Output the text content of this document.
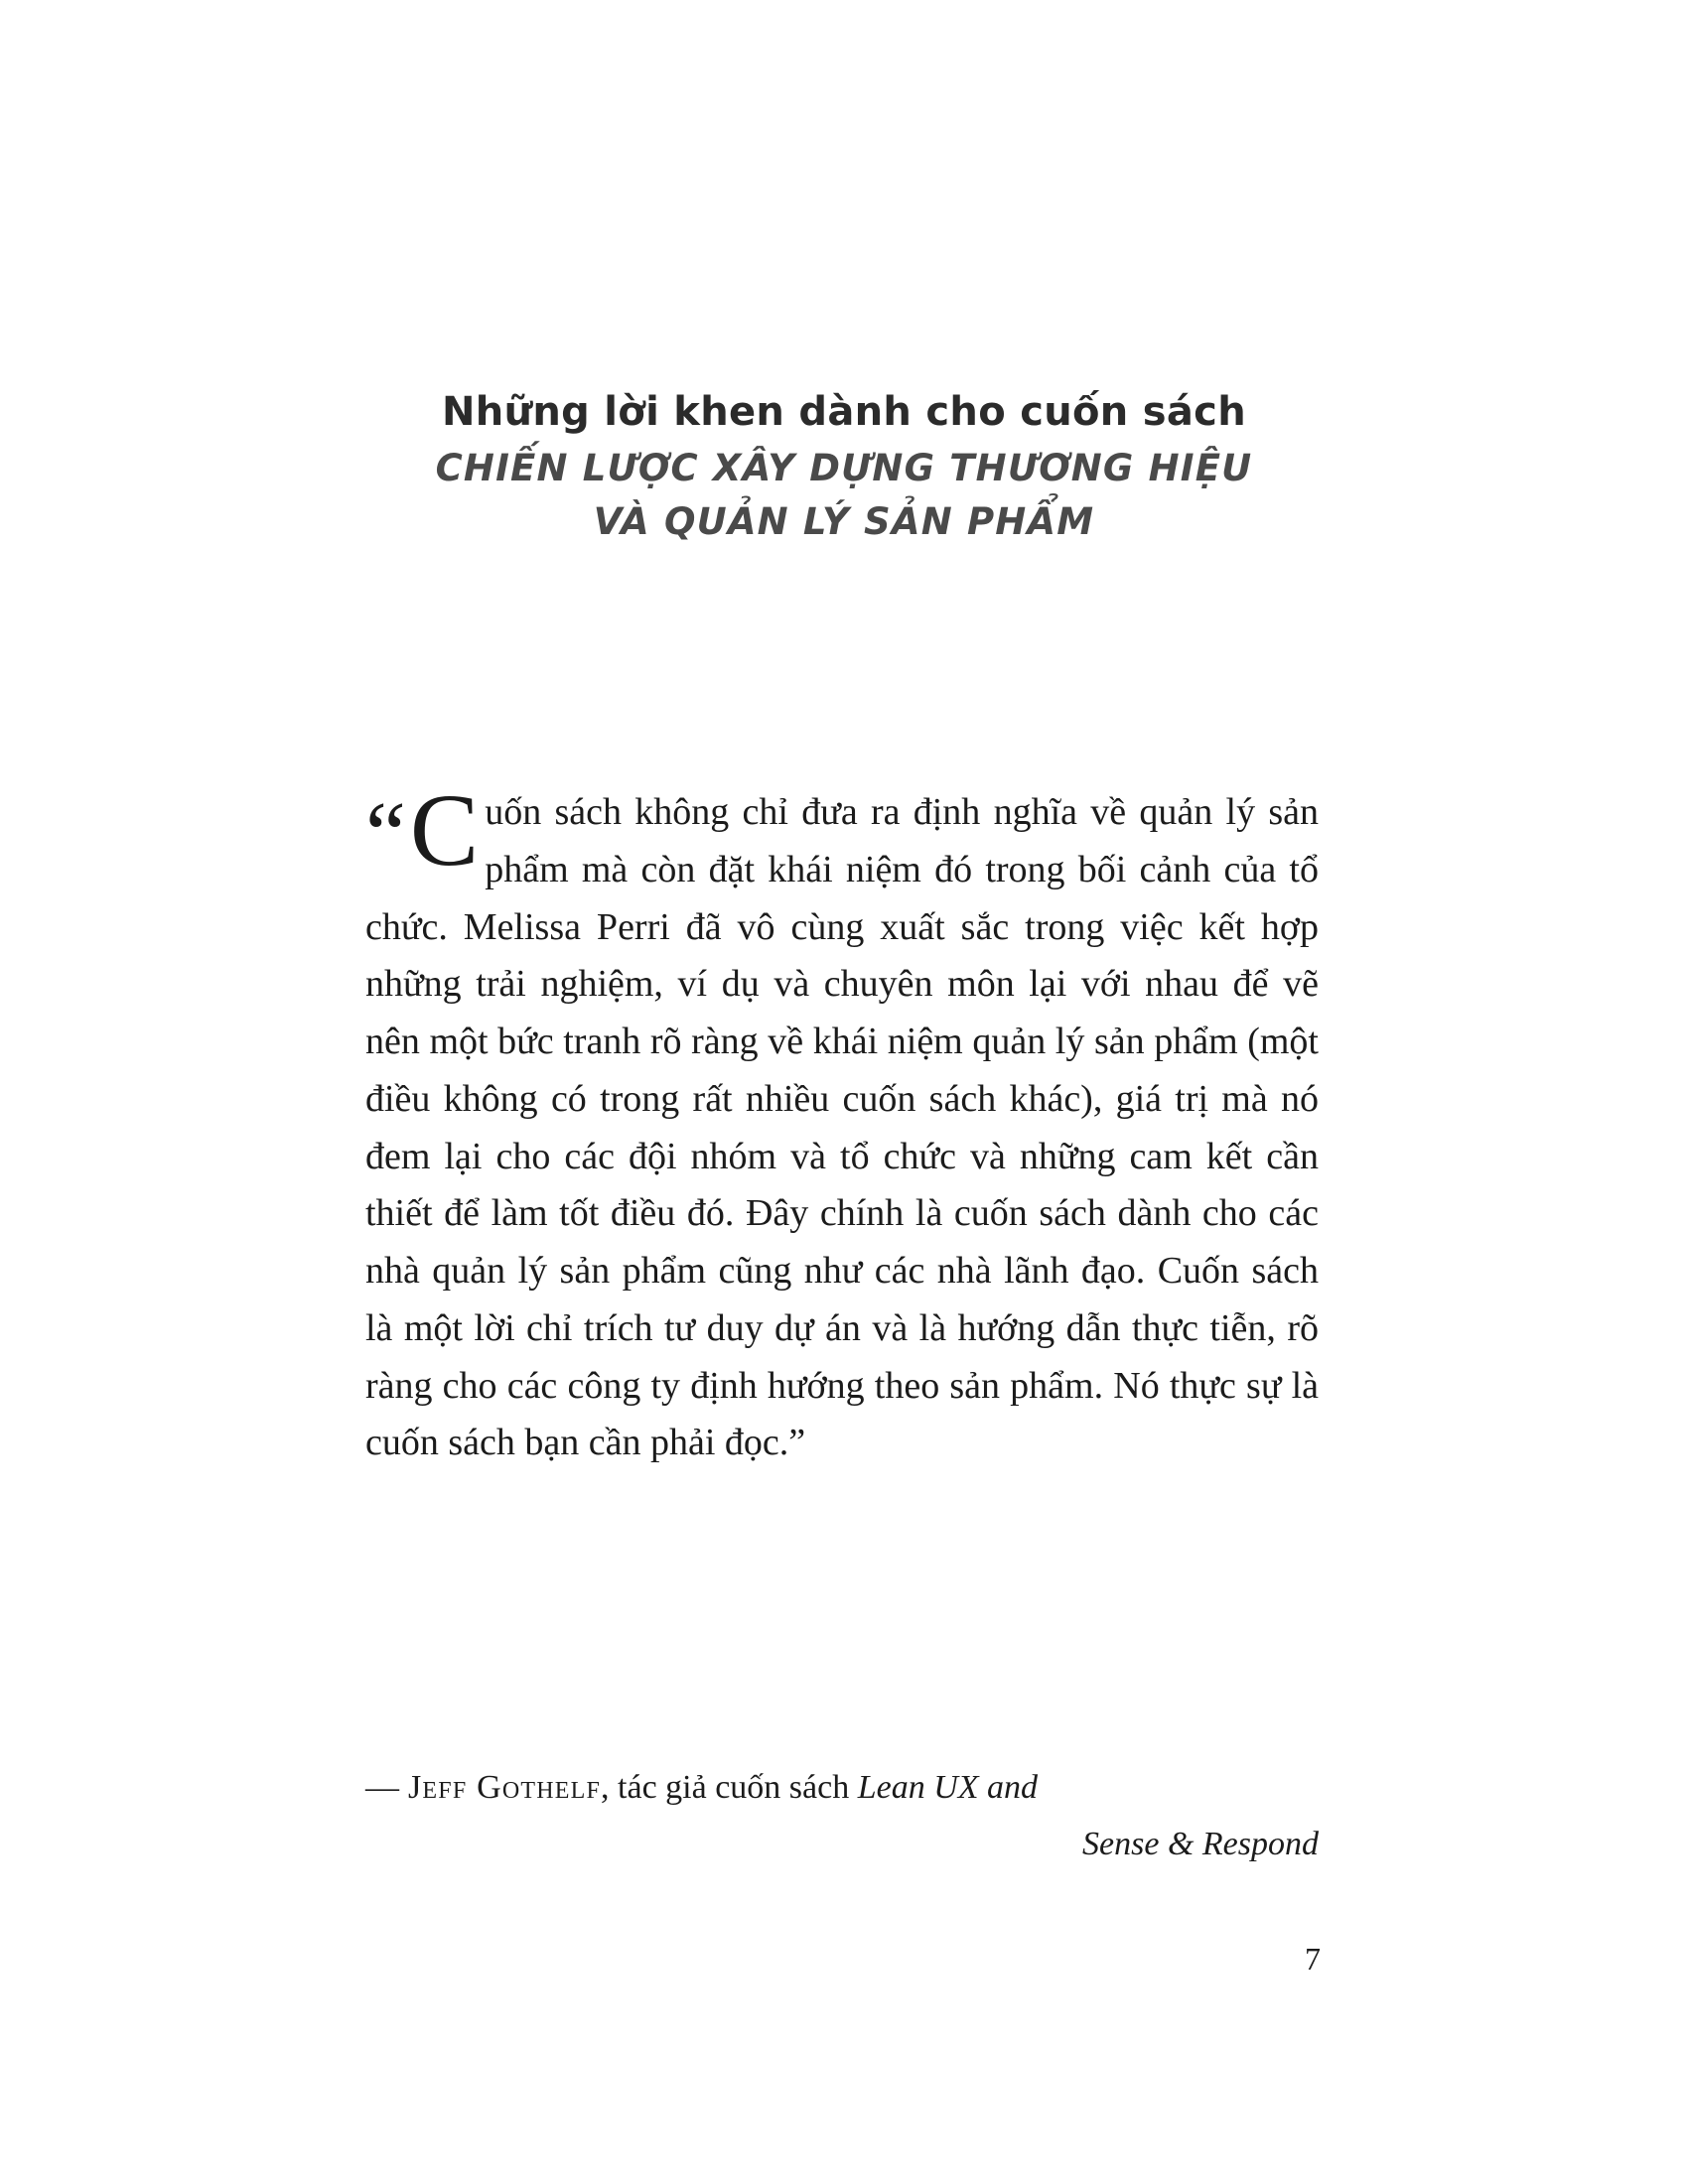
Những lời khen dành cho cuốn sách
CHIẾN LƯỢC XÂY DỰNG THƯƠNG HIỆU
VÀ QUẢN LÝ SẢN PHẨM
“ C uốn sách không chỉ đưa ra định nghĩa về quản lý sản phẩm mà còn đặt khái niệm đó trong bối cảnh của tổ chức. Melissa Perri đã vô cùng xuất sắc trong việc kết hợp những trải nghiệm, ví dụ và chuyên môn lại với nhau để vẽ nên một bức tranh rõ ràng về khái niệm quản lý sản phẩm (một điều không có trong rất nhiều cuốn sách khác), giá trị mà nó đem lại cho các đội nhóm và tổ chức và những cam kết cần thiết để làm tốt điều đó. Đây chính là cuốn sách dành cho các nhà quản lý sản phẩm cũng như các nhà lãnh đạo. Cuốn sách là một lời chỉ trích tư duy dự án và là hướng dẫn thực tiễn, rõ ràng cho các công ty định hướng theo sản phẩm. Nó thực sự là cuốn sách bạn cần phải đọc.”
— Jeff Gothelf, tác giả cuốn sách Lean UX and
Sense & Respond
7
